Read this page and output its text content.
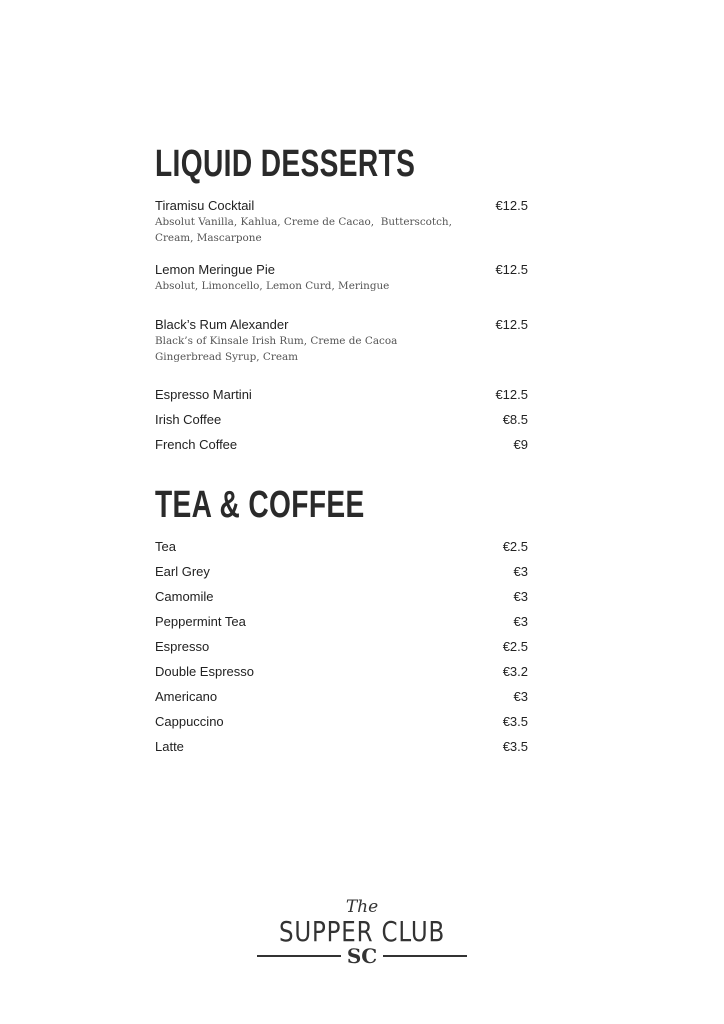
LIQUID DESSERTS
Tiramisu Cocktail	€12.5
Absolut Vanilla, Kahlua, Creme de Cacao,  Butterscotch,
Cream, Mascarpone
Lemon Meringue Pie	€12.5
Absolut, Limoncello, Lemon Curd, Meringue
Black’s Rum Alexander	€12.5
Black’s of Kinsale Irish Rum, Creme de Cacoa
Gingerbread Syrup, Cream
Espresso Martini	€12.5
Irish Coffee	€8.5
French Coffee	€9
TEA & COFFEE
Tea	€2.5
Earl Grey	€3
Camomile	€3
Peppermint Tea	€3
Espresso	€2.5
Double Espresso	€3.2
Americano	€3
Cappuccino	€3.5
Latte	€3.5
The
SUPPER CLUB
SC
